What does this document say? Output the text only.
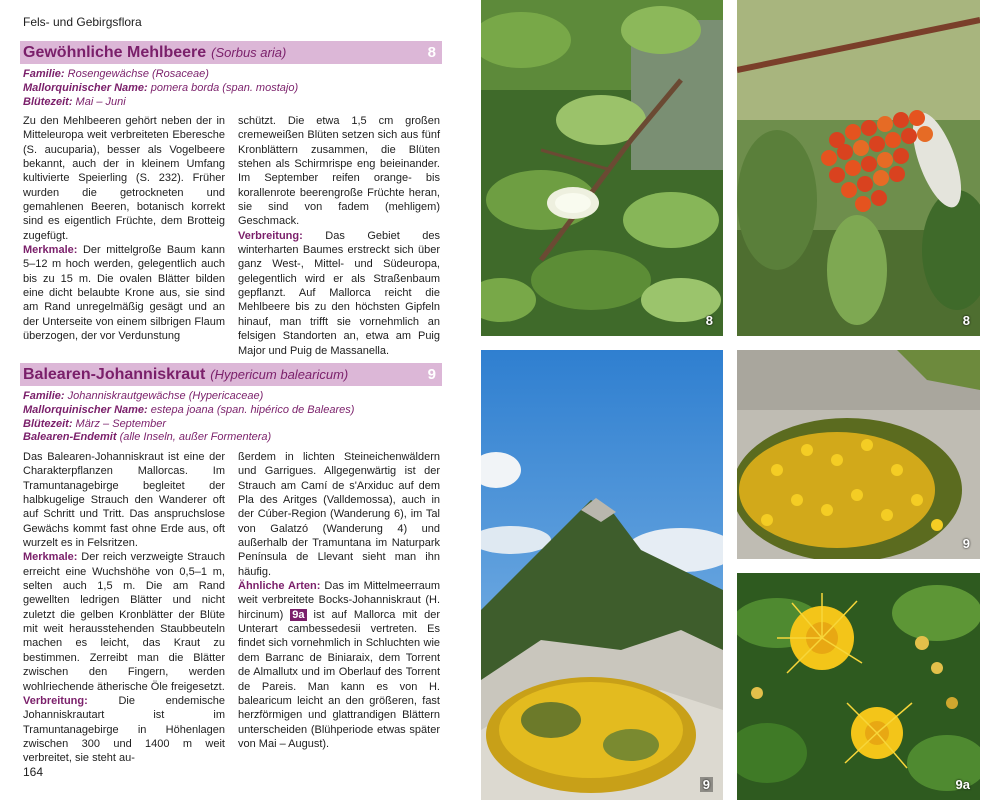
Fels- und Gebirgsflora
Gewöhnliche Mehlbeere (Sorbus aria)	8

Familie: Rosengewächse (Rosaceae)

Mallorquinischer Name: pomera borda (span. mostajo)

Blütezeit: Mai – Juni

Zu den Mehlbeeren gehört neben der in Mitteleuropa weit verbreiteten Eberesche (S. aucuparia), besser als Vogelbeere bekannt, auch der in kleinem Umfang kultivierte Speierling (S. 232). Früher wurden die getrockneten und gemahlenen Beeren, botanisch korrekt sind es eigentlich Früchte, dem Brotteig zugefügt.

Merkmale: Der mittelgroße Baum kann 5–12 m hoch werden, gelegentlich auch bis zu 15 m. Die ovalen Blätter bilden eine dicht belaubte Krone aus, sie sind am Rand unregelmäßig gesägt und an der Unterseite von einem silbrigen Flaum überzogen, der vor Verdunstung

schützt. Die etwa 1,5 cm großen cremeweißen Blüten setzen sich aus fünf Kronblättern zusammen, die Blüten stehen als Schirmrispe eng beieinander. Im September reifen orange- bis korallenrote beerengroße Früchte heran, sie sind von fadem (mehligem) Geschmack.

Verbreitung: Das Gebiet des winterharten Baumes erstreckt sich über ganz West-, Mittel- und Südeuropa, gelegentlich wird er als Straßenbaum gepflanzt. Auf Mallorca reicht die Mehlbeere bis zu den höchsten Gipfeln hinauf, man trifft sie vornehmlich an felsigen Standorten an, etwa am Puig Major und Puig de Massanella.

Balearen-Johanniskraut (Hypericum balearicum)	9

Familie: Johanniskrautgewächse (Hypericaceae)

Mallorquinischer Name: estepa joana (span. hipérico de Baleares)

Blütezeit: März – September

Balearen-Endemit (alle Inseln, außer Formentera)

Das Balearen-Johanniskraut ist eine der Charakterpflanzen Mallorcas. Im Tramuntanagebirge begleitet der halbkugelige Strauch den Wanderer oft auf Schritt und Tritt. Das anspruchslose Gewächs kommt fast ohne Erde aus, oft wurzelt es in Felsritzen.

Merkmale: Der reich verzweigte Strauch erreicht eine Wuchshöhe von 0,5–1 m, selten auch 1,5 m. Die am Rand gewellten ledrigen Blätter und nicht zuletzt die gelben Kronblätter der Blüte mit weit herausstehenden Staubbeuteln machen es leicht, das Kraut zu bestimmen. Zerreibt man die Blätter zwischen den Fingern, werden wohlriechende ätherische Öle freigesetzt.

Verbreitung: Die endemische Johanniskrautart ist im Tramuntanagebirge in Höhenlagen zwischen 300 und 1400 m weit verbreitet, sie steht au-

ßerdem in lichten Steineichenwäldern und Garrigues. Allgegenwärtig ist der Strauch am Camí de s'Arxiduc auf dem Pla des Aritges (Valldemossa), auch in der Cúber-Region (Wanderung 6), im Tal von Galatzó (Wanderung 4) und außerhalb der Tramuntana im Naturpark Península de Llevant sieht man ihn häufig.

Ähnliche Arten: Das im Mittelmeerraum weit verbreitete Bocks-Johanniskraut (H. hircinum) 9a ist auf Mallorca mit der Unterart cambessedesii vertreten. Es findet sich vornehmlich in Schluchten wie dem Barranc de Biniaraix, dem Torrent de Almallutx und im Oberlauf des Torrent de Pareis. Man kann es von H. balearicum leicht an den größeren, fast herzförmigen und glattrandigen Blättern unterscheiden (Blühperiode etwas später von Mai – August).

164
8	8
9
9
9a
